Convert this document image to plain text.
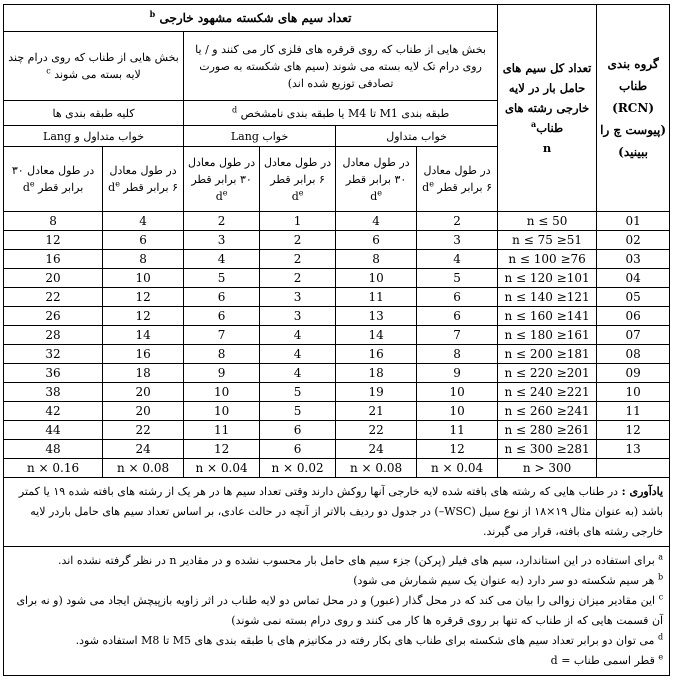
گروه بندی طناب (RCN) (پیوست چ را ببینید)	تعداد کل سیم های حامل بار در لایه خارجی رشته های طناب$^a$
n	تعداد سیم های شکسته مشهود خارجی $^b$
		بخش هایی از طناب که روی قرقره های فلزی کار می کنند و / یا روی درام تک لایه بسته می شوند (سیم های شکسته به صورت تصادفی توزیع شده اند)				بخش هایی از طناب که روی درام چند لایه بسته می شوند $^c$
		طبقه بندی M1 تا M4 یا طبقه بندی نامشخص $^d$				کلیه طبقه بندی ها	
		خواب متداول		خواب Lang		خواب متداول و Lang	
		در طول معادل ۶ برابر قطر $d^e$	در طول معادل ۳۰ برابر قطر $d^e$	در طول معادل ۶ برابر قطر $d^e$	در طول معادل ۳۰ برابر قطر $d^e$	در طول معادل ۶ برابر قطر $d^e$	در طول معادل ۳۰ برابر قطر $d^e$
01	n ≤ 50	2	4	1	2	4	8
02	51≤ n ≤ 75	3	6	2	3	6	12
03	76≤ n ≤ 100	4	8	2	4	8	16
04	101≤ n ≤ 120	5	10	2	5	10	20
05	121≤ n ≤ 140	6	11	3	6	12	22
06	141≤ n ≤ 160	6	13	3	6	12	26
07	161≤ n ≤ 180	7	14	4	7	14	28
08	181≤ n ≤ 200	8	16	4	8	16	32
09	201≤ n ≤ 220	9	18	4	9	18	36
10	221≤ n ≤ 240	10	19	5	10	20	38
11	241≤ n ≤ 260	10	21	5	10	20	42
12	261≤ n ≤ 280	11	22	6	11	22	44
13	281≤ n ≤ 300	12	24	6	12	24	48
	n > 300	0.04 × n	0.08 × n	0.02 × n	0.04 × n	0.08 × n	0.16 × n
یادآوری : در طناب هایی که رشته های بافته شده لایه خارجی آنها روکش دارند وقتی تعداد سیم ها در هر یک از رشته های بافته شده ۱۹ یا کمتر باشد (به عنوان مثال ۱۹×۱۸ از نوع سیل (WSC–) در جدول دو ردیف بالاتر از آنچه در حالت عادی، بر اساس تعداد سیم های حامل باردر لایه خارجی رشته های بافته، قرار می گیرند.							

$^a$ برای استفاده در این استاندارد، سیم های فیلر (پرکن) جزء سیم های حامل بار محسوب نشده و در مقادیر n در نظر گرفته نشده اند.
$^b$ هر سیم شکسته دو سر دارد (به عنوان یک سیم شمارش می شود)
$^c$ این مقادیر میزان زوالی را بیان می کند که در محل گذار (عبور) و در محل تماس دو لایه طناب در اثر زاویه بازپیچش ایجاد می شود (و نه برای آن قسمت هایی که از طناب که تنها بر روی قرقره ها کار می کنند و روی درام بسته نمی شوند)
$^d$ می توان دو برابر تعداد سیم های شکسته برای طناب های بکار رفته در مکانیزم های با طبقه بندی های M5 تا M8 استفاده شود.
$^e$ قطر اسمی طناب = d							
